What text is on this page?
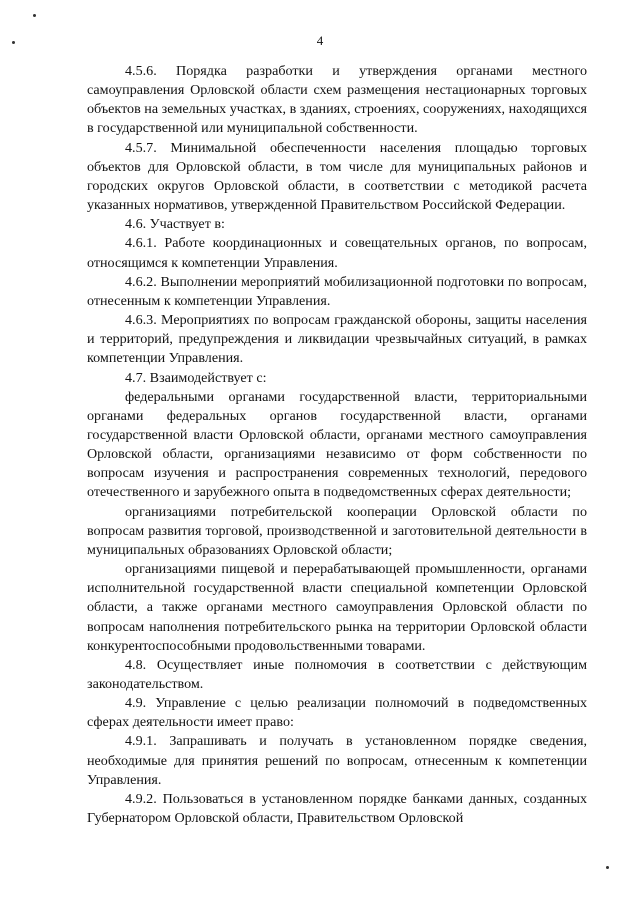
4

4.5.6. Порядка разработки и утверждения органами местного самоуправления Орловской области схем размещения нестационарных торговых объектов на земельных участках, в зданиях, строениях, сооружениях, находящихся в государственной или муниципальной собственности.

4.5.7. Минимальной обеспеченности населения площадью торговых объектов для Орловской области, в том числе для муниципальных районов и городских округов Орловской области, в соответствии с методикой расчета указанных нормативов, утвержденной Правительством Российской Федерации.

4.6. Участвует в:

4.6.1. Работе координационных и совещательных органов, по вопросам, относящимся к компетенции Управления.

4.6.2. Выполнении мероприятий мобилизационной подготовки по вопросам, отнесенным к компетенции Управления.

4.6.3. Мероприятиях по вопросам гражданской обороны, защиты населения и территорий, предупреждения и ликвидации чрезвычайных ситуаций, в рамках компетенции Управления.

4.7. Взаимодействует с:

федеральными органами государственной власти, территориальными органами федеральных органов государственной власти, органами государственной власти Орловской области, органами местного самоуправления Орловской области, организациями независимо от форм собственности по вопросам изучения и распространения современных технологий, передового отечественного и зарубежного опыта в подведомственных сферах деятельности;

организациями потребительской кооперации Орловской области по вопросам развития торговой, производственной и заготовительной деятельности в муниципальных образованиях Орловской области;

организациями пищевой и перерабатывающей промышленности, органами исполнительной государственной власти специальной компетенции Орловской области, а также органами местного самоуправления Орловской области по вопросам наполнения потребительского рынка на территории Орловской области конкурентоспособными продовольственными товарами.

4.8. Осуществляет иные полномочия в соответствии с действующим законодательством.

4.9. Управление с целью реализации полномочий в подведомственных сферах деятельности имеет право:

4.9.1. Запрашивать и получать в установленном порядке сведения, необходимые для принятия решений по вопросам, отнесенным к компетенции Управления.

4.9.2. Пользоваться в установленном порядке банками данных, созданных Губернатором Орловской области, Правительством Орловской
